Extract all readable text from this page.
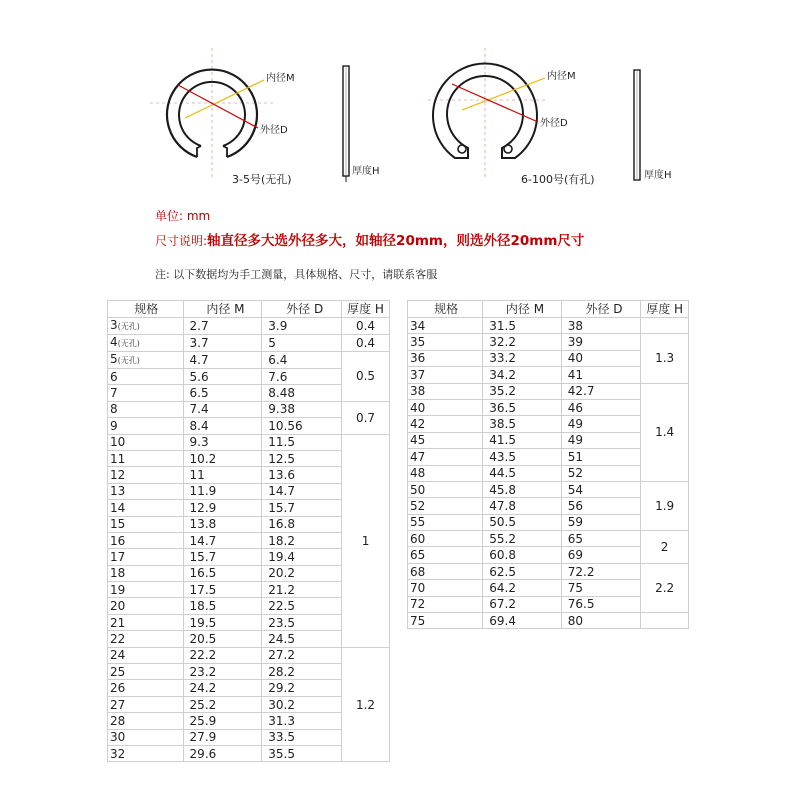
内径M
外径D
3-5号(无孔)
厚度H
内径M
外径D
6-100号(有孔)	厚度H
单位: mm
尺寸说明:轴直径多大选外径多大，如轴径20mm，则选外径20mm尺寸
注: 以下数据均为手工测量，具体规格、尺寸，请联系客服
规格	内径 M	外径 D	厚度 H
3(无孔)	2.7	3.9	0.4
4(无孔)	3.7	5	0.4
5(无孔)	4.7	6.4	0.5
6	5.6	7.6	
7	6.5	8.48	
8	7.4	9.38	0.7
9	8.4	10.56	
10	9.3	11.5	1
11	10.2	12.5	
12	11	13.6	
13	11.9	14.7	
14	12.9	15.7	
15	13.8	16.8	
16	14.7	18.2	
17	15.7	19.4	
18	16.5	20.2	
19	17.5	21.2	
20	18.5	22.5	
21	19.5	23.5	
22	20.5	24.5	
24	22.2	27.2	1.2
25	23.2	28.2	
26	24.2	29.2	
27	25.2	30.2	
28	25.9	31.3	
30	27.9	33.5	
32	29.6	35.5	
规格	内径 M	外径 D	厚度 H
34	31.5	38	
35	32.2	39	1.3
36	33.2	40	
37	34.2	41	
38	35.2	42.7	1.4
40	36.5	46	
42	38.5	49	
45	41.5	49	
47	43.5	51	
48	44.5	52	
50	45.8	54	1.9
52	47.8	56	
55	50.5	59	
60	55.2	65	2
65	60.8	69	
68	62.5	72.2	2.2
70	64.2	75	
72	67.2	76.5	
75	69.4	80	
